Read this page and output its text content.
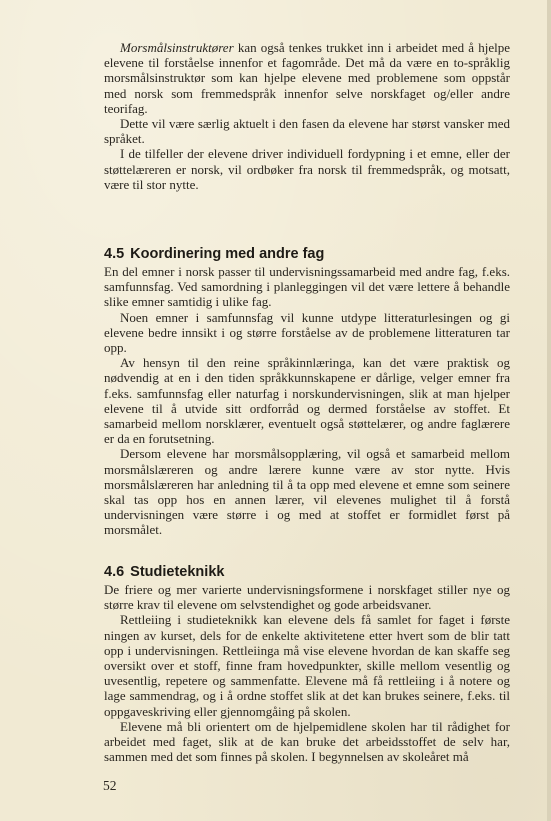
Morsmålsinstruktører kan også tenkes trukket inn i arbeidet med å hjelpe elevene til forståelse innenfor et fagområde. Det må da være en to-språklig morsmålsinstruktør som kan hjelpe elevene med problemene som oppstår med norsk som fremmedspråk innenfor selve norskfaget og/eller andre teorifag.

Dette vil være særlig aktuelt i den fasen da elevene har størst vansker med språket.

I de tilfeller der elevene driver individuell fordypning i et emne, eller der støttelæreren er norsk, vil ordbøker fra norsk til fremmedspråk, og motsatt, være til stor nytte.

4.5 Koordinering med andre fag

En del emner i norsk passer til undervisningssamarbeid med andre fag, f.eks. samfunnsfag. Ved samordning i planleggingen vil det være lettere å behandle slike emner samtidig i ulike fag.

Noen emner i samfunnsfag vil kunne utdype litteraturlesingen og gi elevene bedre innsikt i og større forståelse av de problemene litteraturen tar opp.

Av hensyn til den reine språkinnlæringa, kan det være praktisk og nødvendig at en i den tiden språkkunnskapene er dårlige, velger emner fra f.eks. samfunnsfag eller naturfag i norskundervisningen, slik at man hjelper elevene til å utvide sitt ordforråd og dermed forståelse av stoffet. Et samarbeid mellom norsklærer, eventuelt også støttelærer, og andre faglærere er da en forutsetning.

Dersom elevene har morsmålsopplæring, vil også et samarbeid mellom morsmålslæreren og andre lærere kunne være av stor nytte. Hvis morsmålslæreren har anledning til å ta opp med elevene et emne som seinere skal tas opp hos en annen lærer, vil elevenes mulighet til å forstå undervisningen være større i og med at stoffet er formidlet først på morsmålet.

4.6 Studieteknikk

De friere og mer varierte undervisningsformene i norskfaget stiller nye og større krav til elevene om selvstendighet og gode arbeidsvaner.

Rettleiing i studieteknikk kan elevene dels få samlet for faget i første ningen av kurset, dels for de enkelte aktivitetene etter hvert som de blir tatt opp i undervisningen. Rettleiinga må vise elevene hvordan de kan skaffe seg oversikt over et stoff, finne fram hovedpunkter, skille mellom vesentlig og uvesentlig, repetere og sammenfatte. Elevene må få rettleiing i å notere og lage sammendrag, og i å ordne stoffet slik at det kan brukes seinere, f.eks. til oppgaveskriving eller gjennomgåing på skolen.

Elevene må bli orientert om de hjelpemidlene skolen har til rådighet for arbeidet med faget, slik at de kan bruke det arbeidsstoffet de selv har, sammen med det som finnes på skolen. I begynnelsen av skoleåret må

52
